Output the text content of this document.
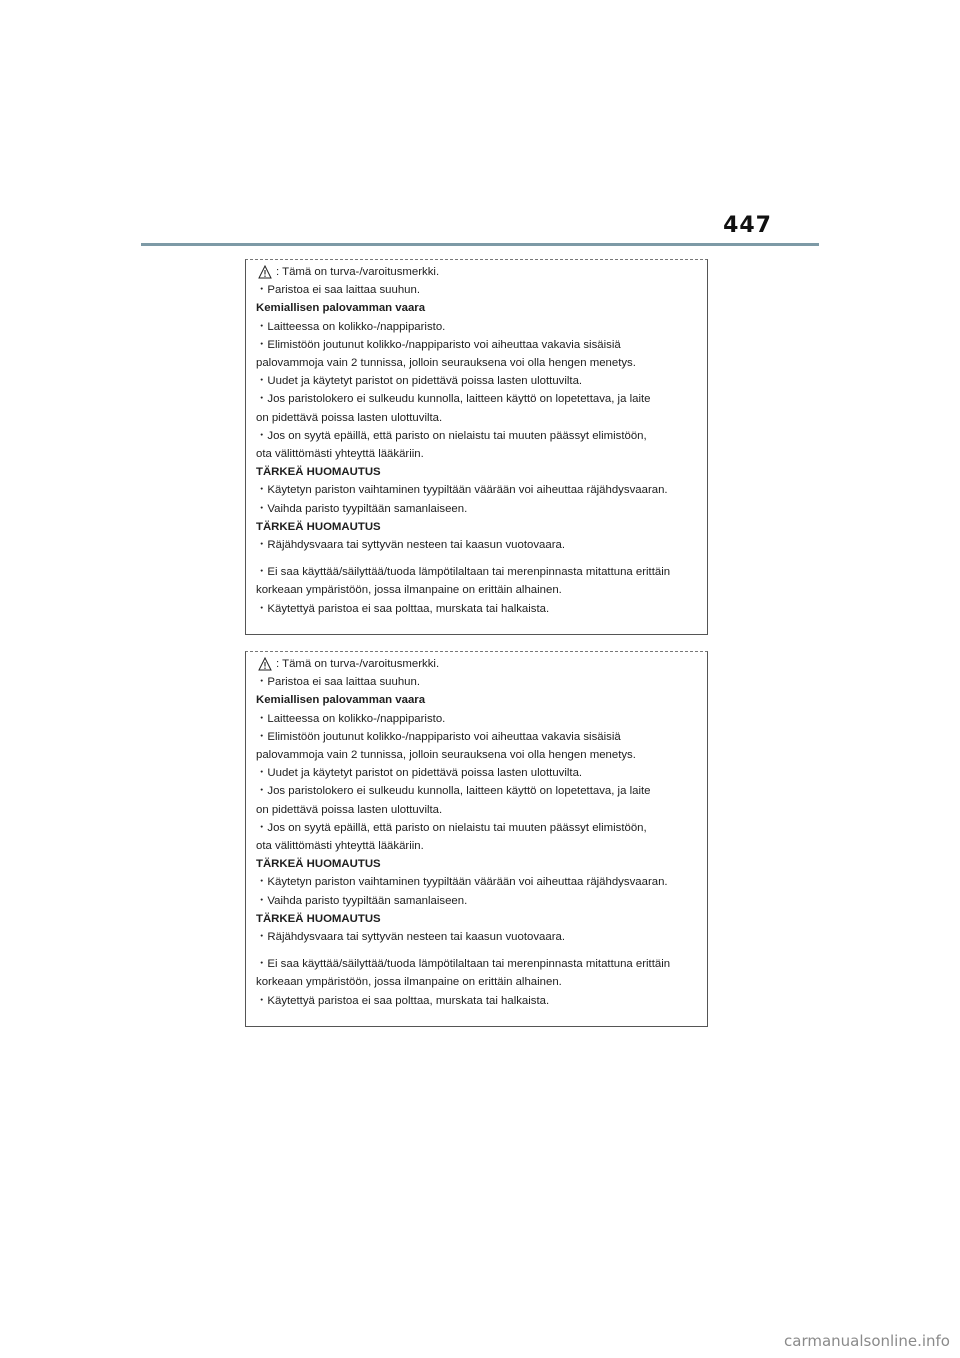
447
: Tämä on turva-/varoitusmerkki.
・Paristoa ei saa laittaa suuhun.
Kemiallisen palovamman vaara
・Laitteessa on kolikko-/nappiparisto.
・Elimistöön joutunut kolikko-/nappiparisto voi aiheuttaa vakavia sisäisiä
palovammoja vain 2 tunnissa, jolloin seurauksena voi olla hengen menetys.
・Uudet ja käytetyt paristot on pidettävä poissa lasten ulottuvilta.
・Jos paristolokero ei sulkeudu kunnolla, laitteen käyttö on lopetettava, ja laite
on pidettävä poissa lasten ulottuvilta.
・Jos on syytä epäillä, että paristo on nielaistu tai muuten päässyt elimistöön,
ota välittömästi yhteyttä lääkäriin.
TÄRKEÄ HUOMAUTUS
・Käytetyn pariston vaihtaminen tyypiltään väärään voi aiheuttaa räjähdysvaaran.
・Vaihda paristo tyypiltään samanlaiseen.
TÄRKEÄ HUOMAUTUS
・Räjähdysvaara tai syttyvän nesteen tai kaasun vuotovaara.
・Ei saa käyttää/säilyttää/tuoda lämpötilaltaan tai merenpinnasta mitattuna erittäin
korkeaan ympäristöön, jossa ilmanpaine on erittäin alhainen.
・Käytettyä paristoa ei saa polttaa, murskata tai halkaista.
: Tämä on turva-/varoitusmerkki.
・Paristoa ei saa laittaa suuhun.
Kemiallisen palovamman vaara
・Laitteessa on kolikko-/nappiparisto.
・Elimistöön joutunut kolikko-/nappiparisto voi aiheuttaa vakavia sisäisiä
palovammoja vain 2 tunnissa, jolloin seurauksena voi olla hengen menetys.
・Uudet ja käytetyt paristot on pidettävä poissa lasten ulottuvilta.
・Jos paristolokero ei sulkeudu kunnolla, laitteen käyttö on lopetettava, ja laite
on pidettävä poissa lasten ulottuvilta.
・Jos on syytä epäillä, että paristo on nielaistu tai muuten päässyt elimistöön,
ota välittömästi yhteyttä lääkäriin.
TÄRKEÄ HUOMAUTUS
・Käytetyn pariston vaihtaminen tyypiltään väärään voi aiheuttaa räjähdysvaaran.
・Vaihda paristo tyypiltään samanlaiseen.
TÄRKEÄ HUOMAUTUS
・Räjähdysvaara tai syttyvän nesteen tai kaasun vuotovaara.
・Ei saa käyttää/säilyttää/tuoda lämpötilaltaan tai merenpinnasta mitattuna erittäin
korkeaan ympäristöön, jossa ilmanpaine on erittäin alhainen.
・Käytettyä paristoa ei saa polttaa, murskata tai halkaista.
carmanualsonline.info
